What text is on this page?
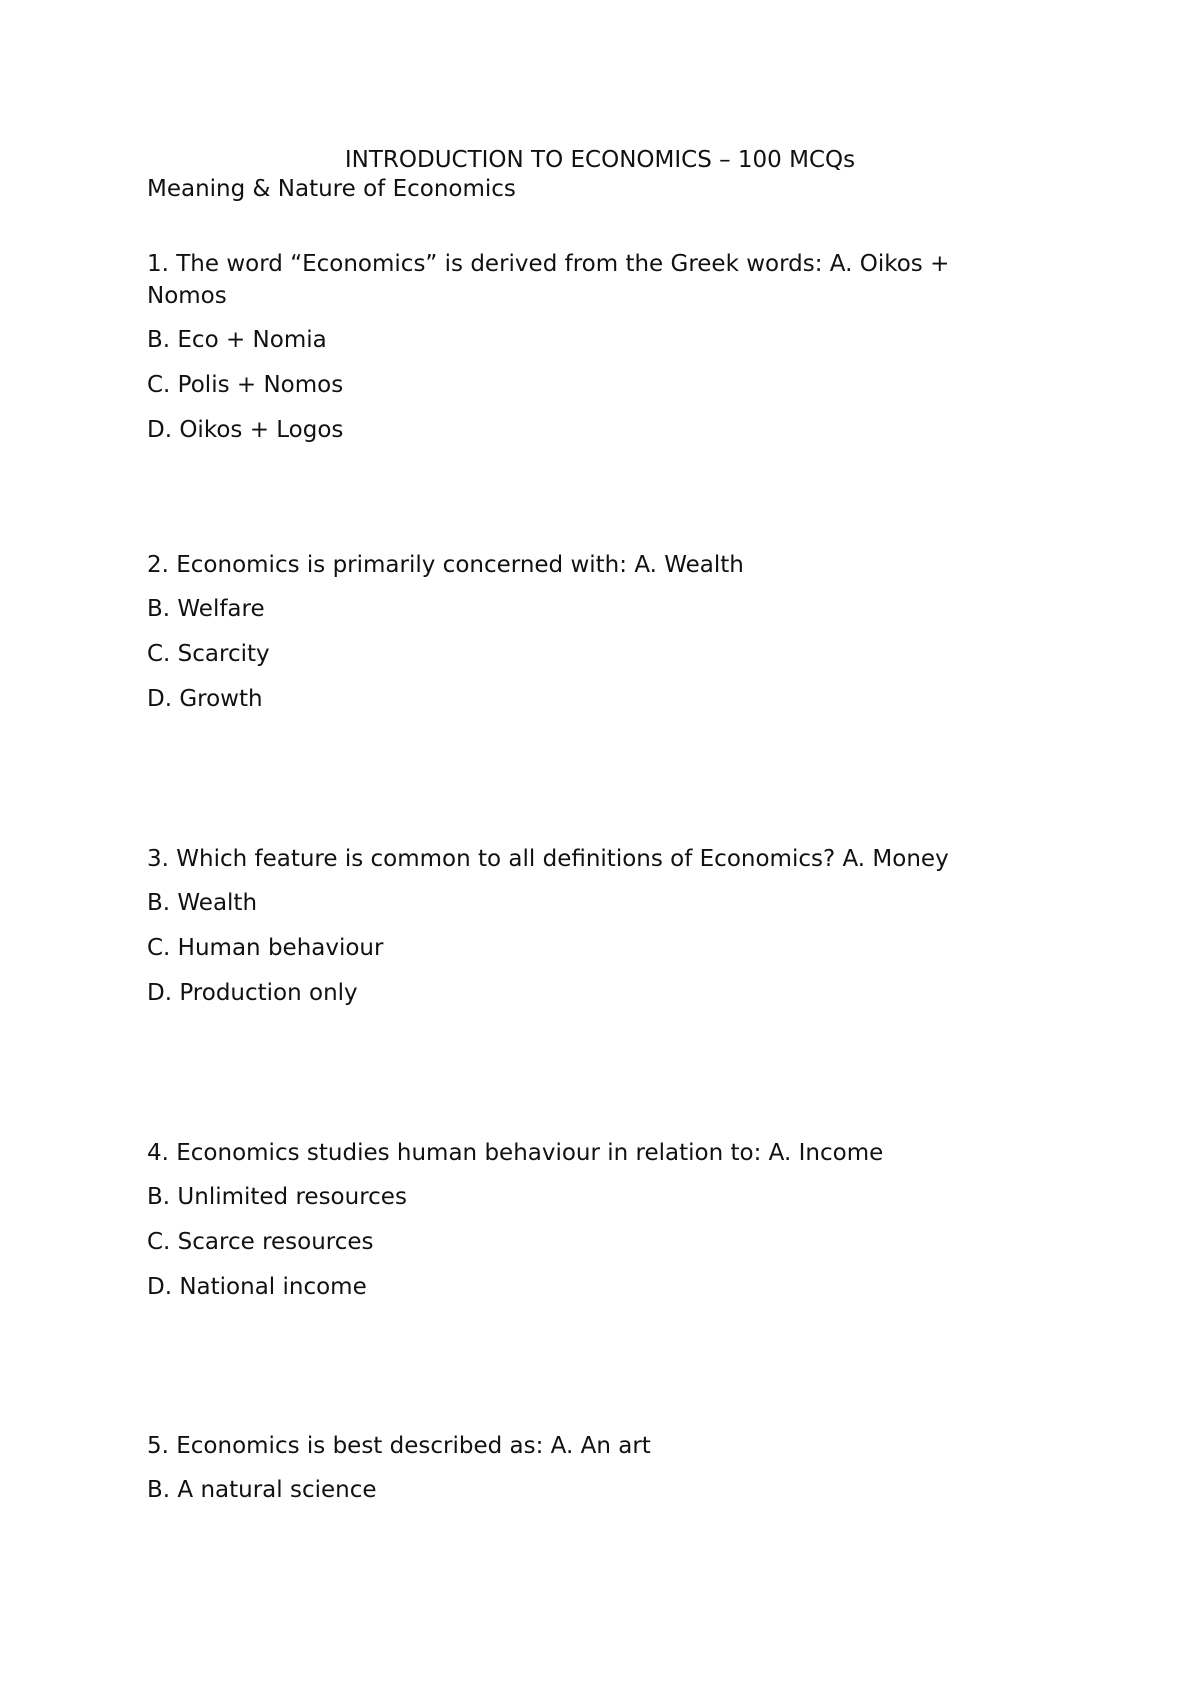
INTRODUCTION TO ECONOMICS – 100 MCQs
Meaning & Nature of Economics

1. The word “Economics” is derived from the Greek words: A. Oikos + Nomos

B. Eco + Nomia

C. Polis + Nomos

D. Oikos + Logos

2. Economics is primarily concerned with: A. Wealth

B. Welfare

C. Scarcity

D. Growth

3. Which feature is common to all definitions of Economics? A. Money

B. Wealth

C. Human behaviour

D. Production only

4. Economics studies human behaviour in relation to: A. Income

B. Unlimited resources

C. Scarce resources

D. National income

5. Economics is best described as: A. An art

B. A natural science
